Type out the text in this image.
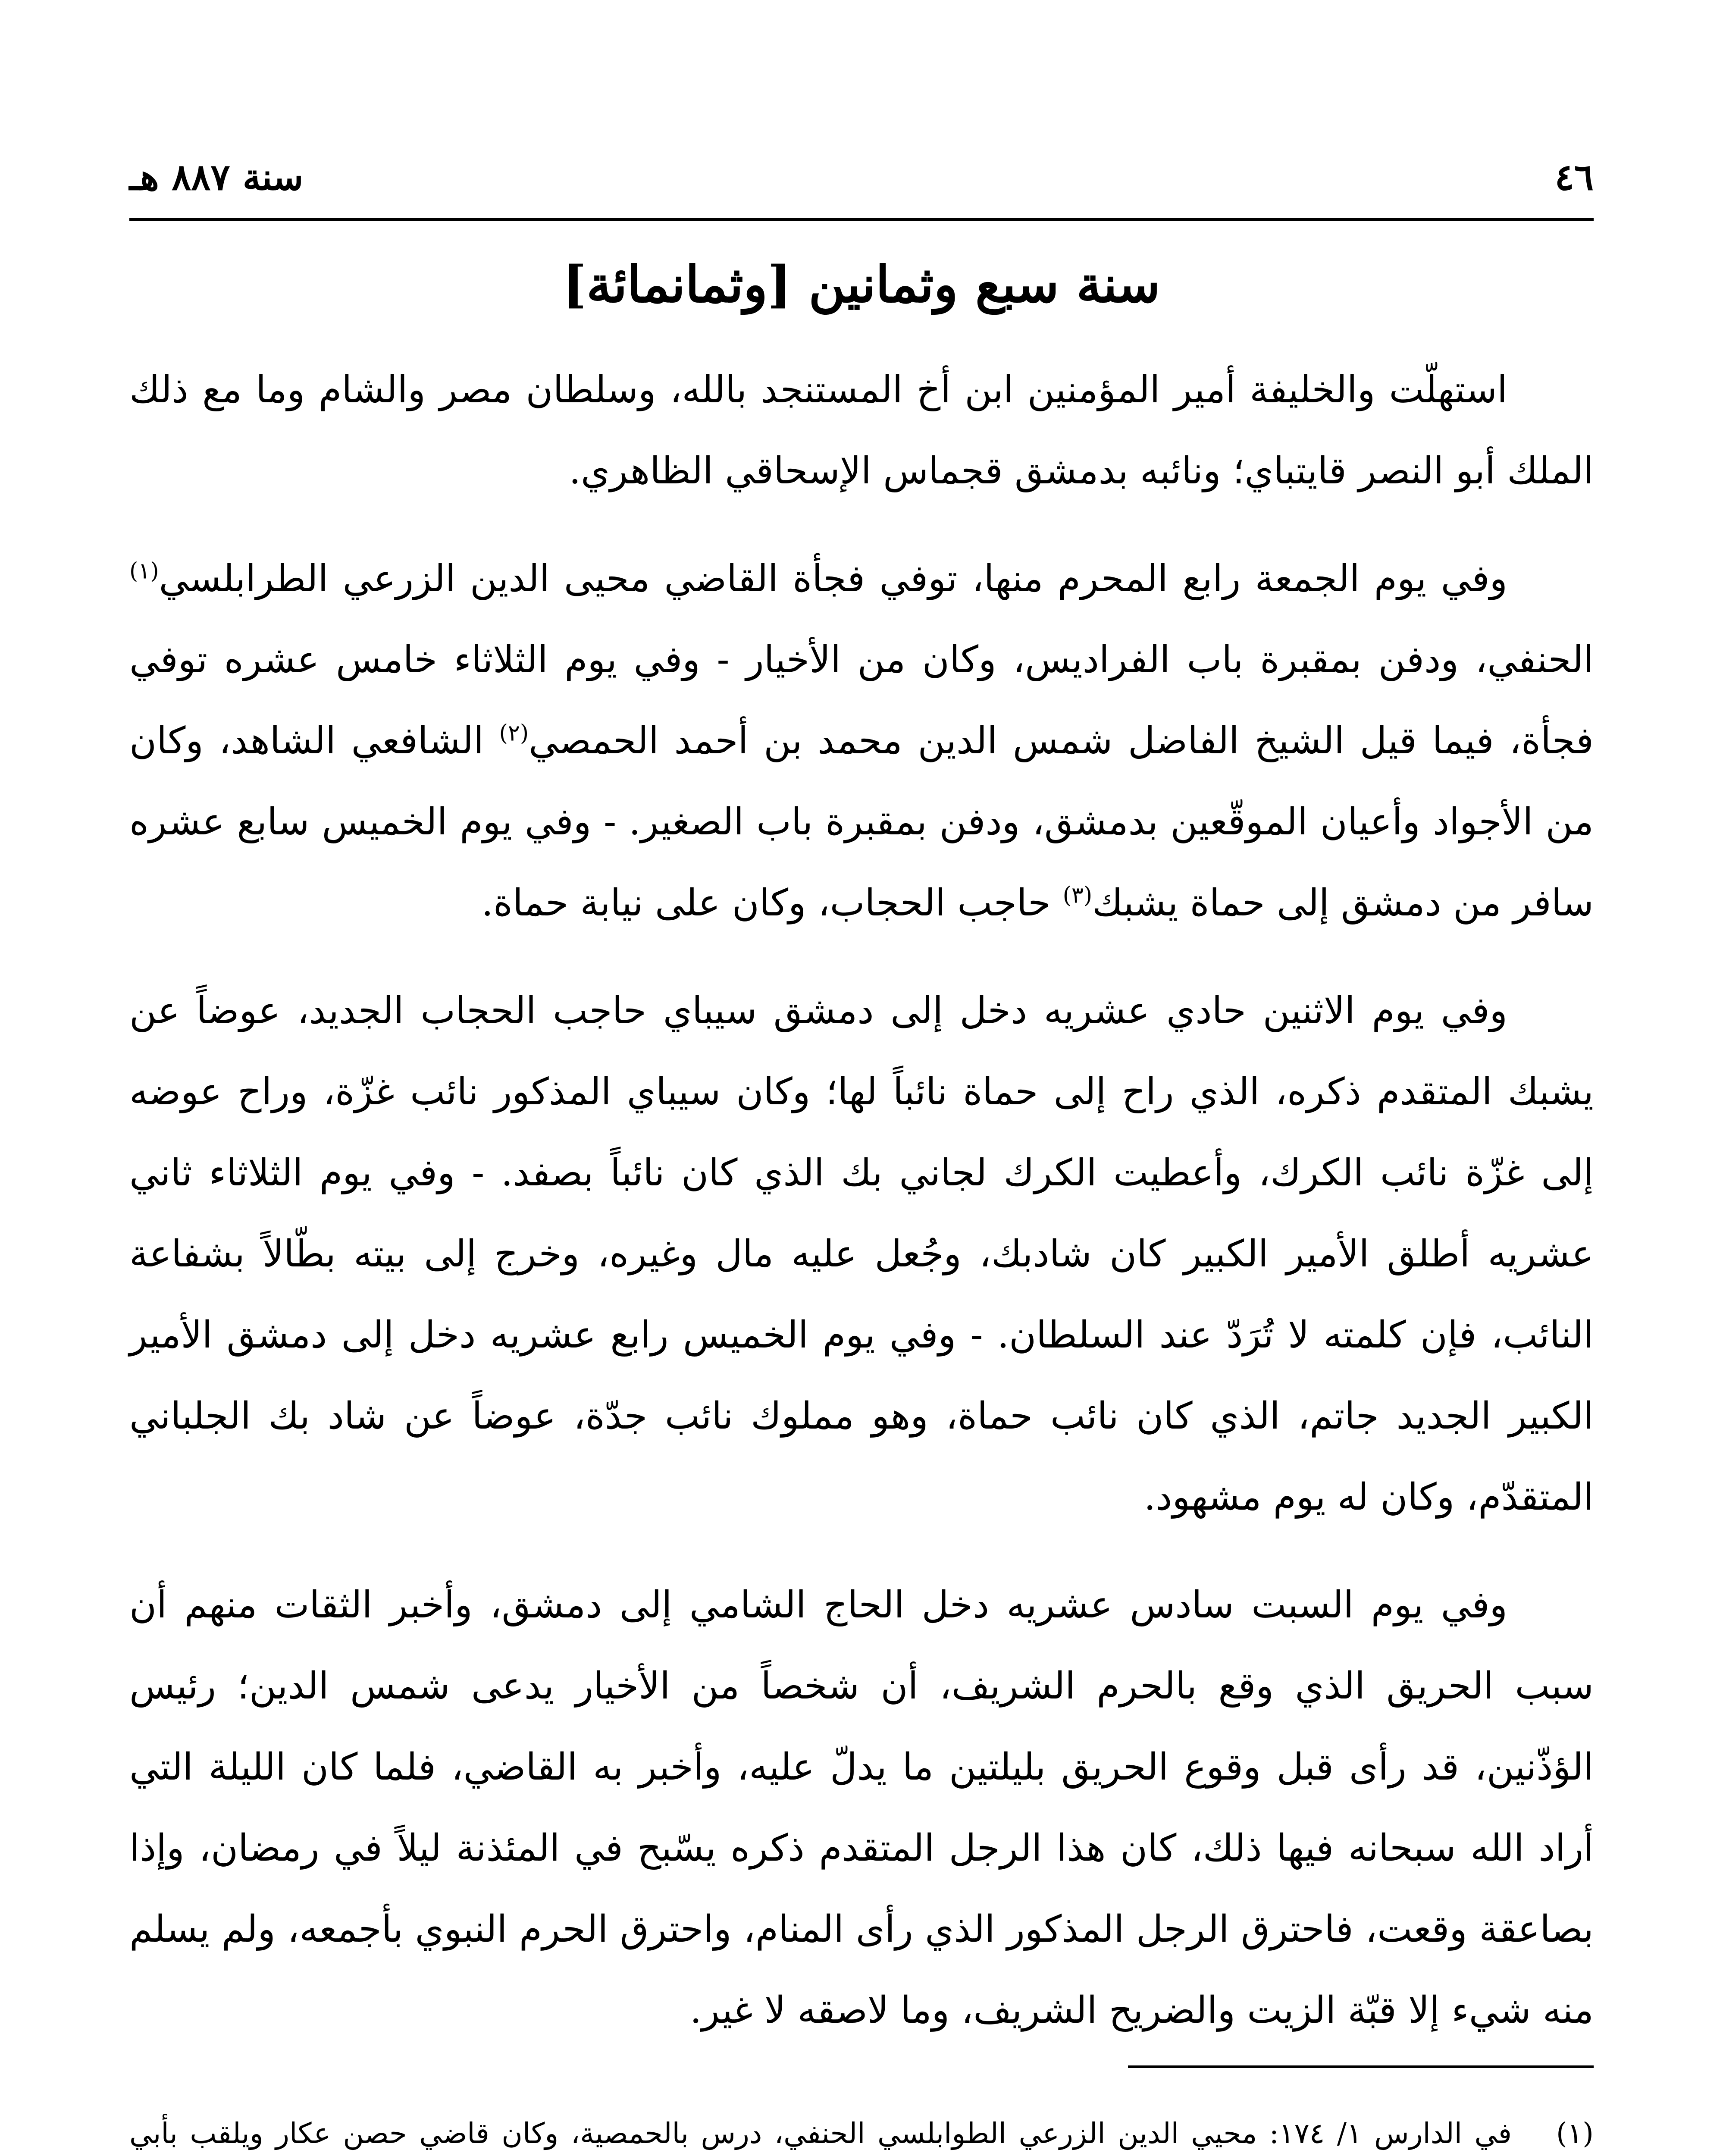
٤٦
سنة ٨٨٧ هـ
سنة سبع وثمانين [وثمانمائة]

استهلّت والخليفة أمير المؤمنين ابن أخ المستنجد بالله، وسلطان مصر والشام وما مع ذلك الملك أبو النصر قايتباي؛ ونائبه بدمشق قجماس الإسحاقي الظاهري.

وفي يوم الجمعة رابع المحرم منها، توفي فجأة القاضي محيى الدين الزرعي الطرابلسي$^{(١)}$ الحنفي، ودفن بمقبرة باب الفراديس، وكان من الأخيار - وفي يوم الثلاثاء خامس عشره توفي فجأة، فيما قيل الشيخ الفاضل شمس الدين محمد بن أحمد الحمصي$^{(٢)}$ الشافعي الشاهد، وكان من الأجواد وأعيان الموقّعين بدمشق، ودفن بمقبرة باب الصغير. - وفي يوم الخميس سابع عشره سافر من دمشق إلى حماة يشبك$^{(٣)}$ حاجب الحجاب، وكان على نيابة حماة.

وفي يوم الاثنين حادي عشريه دخل إلى دمشق سيباي حاجب الحجاب الجديد، عوضاً عن يشبك المتقدم ذكره، الذي راح إلى حماة نائباً لها؛ وكان سيباي المذكور نائب غزّة، وراح عوضه إلى غزّة نائب الكرك، وأعطيت الكرك لجاني بك الذي كان نائباً بصفد. - وفي يوم الثلاثاء ثاني عشريه أطلق الأمير الكبير كان شادبك، وجُعل عليه مال وغيره، وخرج إلى بيته بطّالاً بشفاعة النائب، فإن كلمته لا تُرَدّ عند السلطان. - وفي يوم الخميس رابع عشريه دخل إلى دمشق الأمير الكبير الجديد جاتم، الذي كان نائب حماة، وهو مملوك نائب جدّة، عوضاً عن شاد بك الجلباني المتقدّم، وكان له يوم مشهود.

وفي يوم السبت سادس عشريه دخل الحاج الشامي إلى دمشق، وأخبر الثقات منهم أن سبب الحريق الذي وقع بالحرم الشريف، أن شخصاً من الأخيار يدعى شمس الدين؛ رئيس الؤذّنين، قد رأى قبل وقوع الحريق بليلتين ما يدلّ عليه، وأخبر به القاضي، فلما كان الليلة التي أراد الله سبحانه فيها ذلك، كان هذا الرجل المتقدم ذكره يسّبح في المئذنة ليلاً في رمضان، وإذا بصاعقة وقعت، فاحترق الرجل المذكور الذي رأى المنام، واحترق الحرم النبوي بأجمعه، ولم يسلم منه شيء إلا قبّة الزيت والضريح الشريف، وما لاصقه لا غير.

(١)
في الدارس ١/ ١٧٤: محيي الدين الزرعي الطوابلسي الحنفي، درس بالحمصية، وكان قاضي حصن عكار ويلقب بأبي
